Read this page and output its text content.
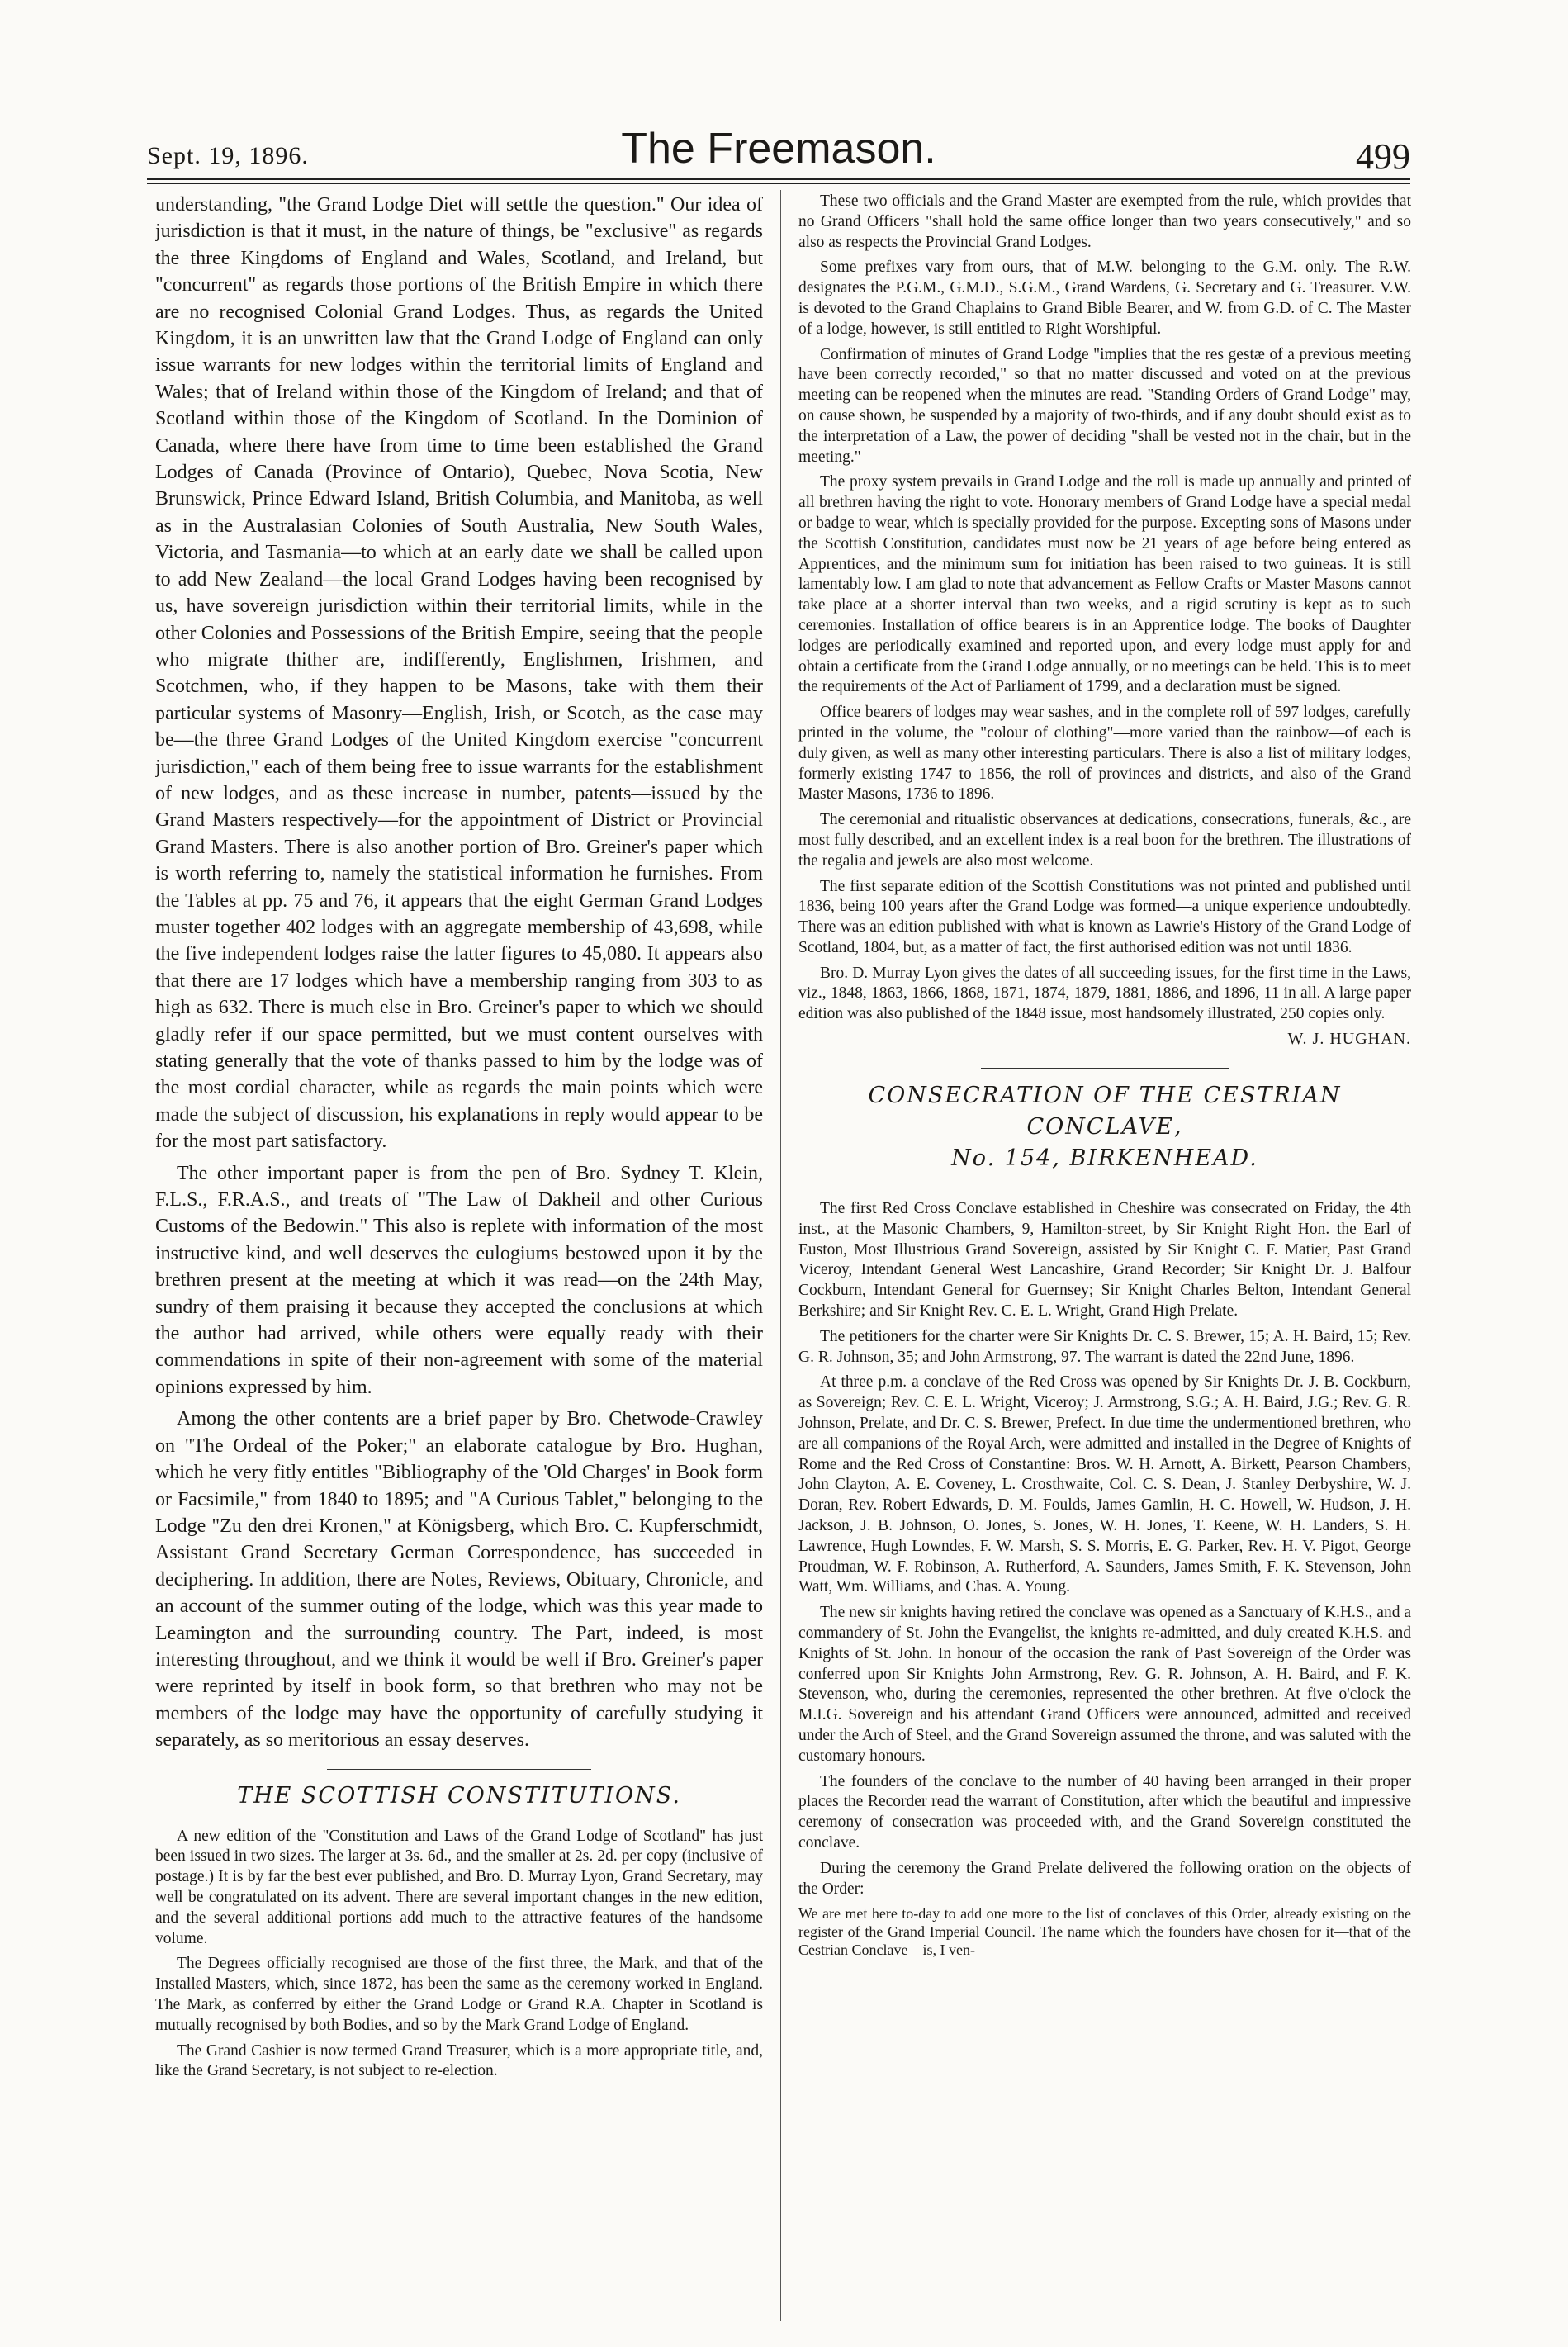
Sept. 19, 1896.	The Freemason.	499

understanding, "the Grand Lodge Diet will settle the question." Our idea of jurisdiction is that it must, in the nature of things, be "exclusive" as regards the three Kingdoms of England and Wales, Scotland, and Ireland, but "concurrent" as regards those portions of the British Empire in which there are no recognised Colonial Grand Lodges. Thus, as regards the United Kingdom, it is an unwritten law that the Grand Lodge of England can only issue warrants for new lodges within the territorial limits of England and Wales; that of Ireland within those of the Kingdom of Ireland; and that of Scotland within those of the Kingdom of Scotland. In the Dominion of Canada, where there have from time to time been established the Grand Lodges of Canada (Province of Ontario), Quebec, Nova Scotia, New Brunswick, Prince Edward Island, British Columbia, and Manitoba, as well as in the Australasian Colonies of South Australia, New South Wales, Victoria, and Tasmania—to which at an early date we shall be called upon to add New Zealand—the local Grand Lodges having been recognised by us, have sovereign jurisdiction within their territorial limits, while in the other Colonies and Possessions of the British Empire, seeing that the people who migrate thither are, indifferently, Englishmen, Irishmen, and Scotchmen, who, if they happen to be Masons, take with them their particular systems of Masonry—English, Irish, or Scotch, as the case may be—the three Grand Lodges of the United Kingdom exercise "concurrent jurisdiction," each of them being free to issue warrants for the establishment of new lodges, and as these increase in number, patents—issued by the Grand Masters respectively—for the appointment of District or Provincial Grand Masters. There is also another portion of Bro. Greiner's paper which is worth referring to, namely the statistical information he furnishes. From the Tables at pp. 75 and 76, it appears that the eight German Grand Lodges muster together 402 lodges with an aggregate membership of 43,698, while the five independent lodges raise the latter figures to 45,080. It appears also that there are 17 lodges which have a membership ranging from 303 to as high as 632. There is much else in Bro. Greiner's paper to which we should gladly refer if our space permitted, but we must content ourselves with stating generally that the vote of thanks passed to him by the lodge was of the most cordial character, while as regards the main points which were made the subject of discussion, his explanations in reply would appear to be for the most part satisfactory.

The other important paper is from the pen of Bro. Sydney T. Klein, F.L.S., F.R.A.S., and treats of "The Law of Dakheil and other Curious Customs of the Bedowin." This also is replete with information of the most instructive kind, and well deserves the eulogiums bestowed upon it by the brethren present at the meeting at which it was read—on the 24th May, sundry of them praising it because they accepted the conclusions at which the author had arrived, while others were equally ready with their commendations in spite of their non-agreement with some of the material opinions expressed by him.

Among the other contents are a brief paper by Bro. Chetwode-Crawley on "The Ordeal of the Poker;" an elaborate catalogue by Bro. Hughan, which he very fitly entitles "Bibliography of the 'Old Charges' in Book form or Facsimile," from 1840 to 1895; and "A Curious Tablet," belonging to the Lodge "Zu den drei Kronen," at Königsberg, which Bro. C. Kupferschmidt, Assistant Grand Secretary German Correspondence, has succeeded in deciphering. In addition, there are Notes, Reviews, Obituary, Chronicle, and an account of the summer outing of the lodge, which was this year made to Leamington and the surrounding country. The Part, indeed, is most interesting throughout, and we think it would be well if Bro. Greiner's paper were reprinted by itself in book form, so that brethren who may not be members of the lodge may have the opportunity of carefully studying it separately, as so meritorious an essay deserves.

THE SCOTTISH CONSTITUTIONS.

A new edition of the "Constitution and Laws of the Grand Lodge of Scotland" has just been issued in two sizes. The larger at 3s. 6d., and the smaller at 2s. 2d. per copy (inclusive of postage.) It is by far the best ever published, and Bro. D. Murray Lyon, Grand Secretary, may well be congratulated on its advent. There are several important changes in the new edition, and the several additional portions add much to the attractive features of the handsome volume.

The Degrees officially recognised are those of the first three, the Mark, and that of the Installed Masters, which, since 1872, has been the same as the ceremony worked in England. The Mark, as conferred by either the Grand Lodge or Grand R.A. Chapter in Scotland is mutually recognised by both Bodies, and so by the Mark Grand Lodge of England.

The Grand Cashier is now termed Grand Treasurer, which is a more appropriate title, and, like the Grand Secretary, is not subject to re-election.

These two officials and the Grand Master are exempted from the rule, which provides that no Grand Officers "shall hold the same office longer than two years consecutively," and so also as respects the Provincial Grand Lodges.

Some prefixes vary from ours, that of M.W. belonging to the G.M. only. The R.W. designates the P.G.M., G.M.D., S.G.M., Grand Wardens, G. Secretary and G. Treasurer. V.W. is devoted to the Grand Chaplains to Grand Bible Bearer, and W. from G.D. of C. The Master of a lodge, however, is still entitled to Right Worshipful.

Confirmation of minutes of Grand Lodge "implies that the res gestæ of a previous meeting have been correctly recorded," so that no matter discussed and voted on at the previous meeting can be reopened when the minutes are read. "Standing Orders of Grand Lodge" may, on cause shown, be suspended by a majority of two-thirds, and if any doubt should exist as to the interpretation of a Law, the power of deciding "shall be vested not in the chair, but in the meeting."

The proxy system prevails in Grand Lodge and the roll is made up annually and printed of all brethren having the right to vote. Honorary members of Grand Lodge have a special medal or badge to wear, which is specially provided for the purpose. Excepting sons of Masons under the Scottish Constitution, candidates must now be 21 years of age before being entered as Apprentices, and the minimum sum for initiation has been raised to two guineas. It is still lamentably low. I am glad to note that advancement as Fellow Crafts or Master Masons cannot take place at a shorter interval than two weeks, and a rigid scrutiny is kept as to such ceremonies. Installation of office bearers is in an Apprentice lodge. The books of Daughter lodges are periodically examined and reported upon, and every lodge must apply for and obtain a certificate from the Grand Lodge annually, or no meetings can be held. This is to meet the requirements of the Act of Parliament of 1799, and a declaration must be signed.

Office bearers of lodges may wear sashes, and in the complete roll of 597 lodges, carefully printed in the volume, the "colour of clothing"—more varied than the rainbow—of each is duly given, as well as many other interesting particulars. There is also a list of military lodges, formerly existing 1747 to 1856, the roll of provinces and districts, and also of the Grand Master Masons, 1736 to 1896.

The ceremonial and ritualistic observances at dedications, consecrations, funerals, &c., are most fully described, and an excellent index is a real boon for the brethren. The illustrations of the regalia and jewels are also most welcome.

The first separate edition of the Scottish Constitutions was not printed and published until 1836, being 100 years after the Grand Lodge was formed—a unique experience undoubtedly. There was an edition published with what is known as Lawrie's History of the Grand Lodge of Scotland, 1804, but, as a matter of fact, the first authorised edition was not until 1836.

Bro. D. Murray Lyon gives the dates of all succeeding issues, for the first time in the Laws, viz., 1848, 1863, 1866, 1868, 1871, 1874, 1879, 1881, 1886, and 1896, 11 in all. A large paper edition was also published of the 1848 issue, most handsomely illustrated, 250 copies only.

W. J. HUGHAN.
CONSECRATION OF THE CESTRIAN CONCLAVE,
No. 154, BIRKENHEAD.

The first Red Cross Conclave established in Cheshire was consecrated on Friday, the 4th inst., at the Masonic Chambers, 9, Hamilton-street, by Sir Knight Right Hon. the Earl of Euston, Most Illustrious Grand Sovereign, assisted by Sir Knight C. F. Matier, Past Grand Viceroy, Intendant General West Lancashire, Grand Recorder; Sir Knight Dr. J. Balfour Cockburn, Intendant General for Guernsey; Sir Knight Charles Belton, Intendant General Berkshire; and Sir Knight Rev. C. E. L. Wright, Grand High Prelate.

The petitioners for the charter were Sir Knights Dr. C. S. Brewer, 15; A. H. Baird, 15; Rev. G. R. Johnson, 35; and John Armstrong, 97. The warrant is dated the 22nd June, 1896.

At three p.m. a conclave of the Red Cross was opened by Sir Knights Dr. J. B. Cockburn, as Sovereign; Rev. C. E. L. Wright, Viceroy; J. Armstrong, S.G.; A. H. Baird, J.G.; Rev. G. R. Johnson, Prelate, and Dr. C. S. Brewer, Prefect. In due time the undermentioned brethren, who are all companions of the Royal Arch, were admitted and installed in the Degree of Knights of Rome and the Red Cross of Constantine: Bros. W. H. Arnott, A. Birkett, Pearson Chambers, John Clayton, A. E. Coveney, L. Crosthwaite, Col. C. S. Dean, J. Stanley Derbyshire, W. J. Doran, Rev. Robert Edwards, D. M. Foulds, James Gamlin, H. C. Howell, W. Hudson, J. H. Jackson, J. B. Johnson, O. Jones, S. Jones, W. H. Jones, T. Keene, W. H. Landers, S. H. Lawrence, Hugh Lowndes, F. W. Marsh, S. S. Morris, E. G. Parker, Rev. H. V. Pigot, George Proudman, W. F. Robinson, A. Rutherford, A. Saunders, James Smith, F. K. Stevenson, John Watt, Wm. Williams, and Chas. A. Young.

The new sir knights having retired the conclave was opened as a Sanctuary of K.H.S., and a commandery of St. John the Evangelist, the knights re-admitted, and duly created K.H.S. and Knights of St. John. In honour of the occasion the rank of Past Sovereign of the Order was conferred upon Sir Knights John Armstrong, Rev. G. R. Johnson, A. H. Baird, and F. K. Stevenson, who, during the ceremonies, represented the other brethren. At five o'clock the M.I.G. Sovereign and his attendant Grand Officers were announced, admitted and received under the Arch of Steel, and the Grand Sovereign assumed the throne, and was saluted with the customary honours.

The founders of the conclave to the number of 40 having been arranged in their proper places the Recorder read the warrant of Constitution, after which the beautiful and impressive ceremony of consecration was proceeded with, and the Grand Sovereign constituted the conclave.

During the ceremony the Grand Prelate delivered the following oration on the objects of the Order:

We are met here to-day to add one more to the list of conclaves of this Order, already existing on the register of the Grand Imperial Council. The name which the founders have chosen for it—that of the Cestrian Conclave—is, I ven-
